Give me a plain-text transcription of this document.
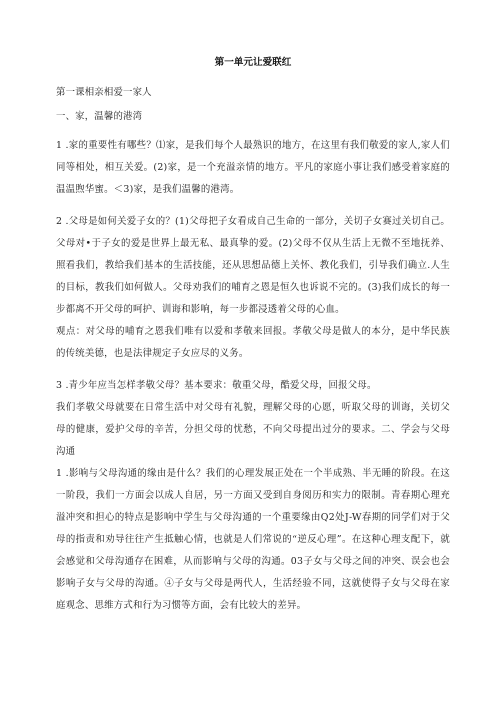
第一单元让爱联红
第一课相亲相爱一家人
一、家，温馨的港湾

1 .家的重要性有哪些？⑴家，是我们每个人最熟识的地方，在这里有我们敬爱的家人,家人们同等相处，相互关爱。(2)家，是一个充溢亲情的地方。平凡的家庭小事让我们感受着家庭的温温煦华蜜。＜3)家，是我们温馨的港湾。

2 .父母是如何关爱子女的？(1)父母把子女看成自己生命的一部分，关切子女赛过关切自己。父母对•于子女的爱是世界上最无私、最真挚的爱。(2)父母不仅从生活上无微不至地抚养、照看我们，教给我们基本的生活技能，还从思想品德上关怀、教化我们，引导我们确立.人生的目标，教我们如何做人。父母劝我们的哺育之恩是恒久也诉说不完的。(3)我们成长的每一步都离不开父母的呵护、训诲和影响，每一步都浸透着父母的心血。

观点：对父母的哺育之恩我们唯有以爱和孝敬来回报。孝敬父母是做人的本分，是中华民族的传统美德，也是法律规定子女应尽的义务。

3 .青少年应当怎样孝敬父母？基本要求：敬重父母，酷爱父母，回报父母。

我们孝敬父母就要在日常生活中对父母有礼貌，理解父母的心愿，听取父母的训诲，关切父母的健康，爱护父母的辛苦，分担父母的忧愁，不向父母提出过分的要求。二、学会与父母沟通

1 .影响与父母沟通的缘由是什么？我们的心理发展正处在一个半成熟、半无睡的阶段。在这一阶段，我们一方面会以成人自居，另一方面又受到自身阅历和实力的限制。青春期心理充溢冲突和担心的特点是影响中学生与父母沟通的一个重要缘由Q2处J-W春期的同学们对于父母的指责和劝导往往产生抵触心情，也就是人们常说的“逆反心理”。在这种心理支配下，就会感觉和父母沟通存在困难，从而影响与父母的沟通。03子女与父母之间的冲突、误会也会影响子女与父母的沟通。④子女与父母是两代人，生活经验不同，这就使得子女与父母在家庭观念、思维方式和行为习惯等方面，会有比较大的差异。
